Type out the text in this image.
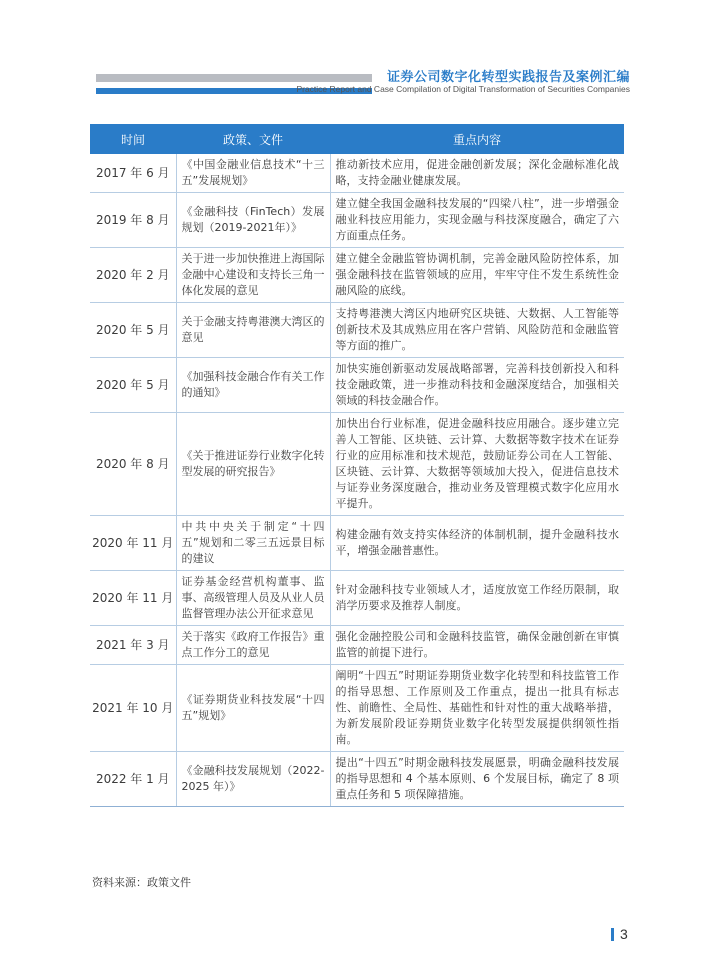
证券公司数字化转型实践报告及案例汇编
Practice Report and Case Compilation of Digital Transformation of Securities Companies
时间	政策、文件	重点内容
2017 年 6 月	《中国金融业信息技术“十三五”发展规划》	推动新技术应用，促进金融创新发展；深化金融标准化战略，支持金融业健康发展。
2019 年 8 月	《金融科技（FinTech）发展规划（2019-2021年）》	建立健全我国金融科技发展的“四梁八柱”，进一步增强金融业科技应用能力，实现金融与科技深度融合，确定了六方面重点任务。
2020 年 2 月	关于进一步加快推进上海国际金融中心建设和支持长三角一体化发展的意见	建立健全金融监管协调机制，完善金融风险防控体系，加强金融科技在监管领域的应用，牢牢守住不发生系统性金融风险的底线。
2020 年 5 月	关于金融支持粤港澳大湾区的意见	支持粤港澳大湾区内地研究区块链、大数据、人工智能等创新技术及其成熟应用在客户营销、风险防范和金融监管等方面的推广。
2020 年 5 月	《加强科技金融合作有关工作的通知》	加快实施创新驱动发展战略部署，完善科技创新投入和科技金融政策，进一步推动科技和金融深度结合，加强相关领域的科技金融合作。
2020 年 8 月	《关于推进证券行业数字化转型发展的研究报告》	加快出台行业标准，促进金融科技应用融合。逐步建立完善人工智能、区块链、云计算、大数据等数字技术在证券行业的应用标准和技术规范，鼓励证券公司在人工智能、区块链、云计算、大数据等领域加大投入，促进信息技术与证券业务深度融合，推动业务及管理模式数字化应用水平提升。
2020 年 11 月	中共中央关于制定“十四五”规划和二零三五远景目标的建议	构建金融有效支持实体经济的体制机制，提升金融科技水平，增强金融普惠性。
2020 年 11 月	证券基金经营机构董事、监事、高级管理人员及从业人员监督管理办法公开征求意见	针对金融科技专业领域人才，适度放宽工作经历限制，取消学历要求及推荐人制度。
2021 年 3 月	关于落实《政府工作报告》重点工作分工的意见	强化金融控股公司和金融科技监管，确保金融创新在审慎监管的前提下进行。
2021 年 10 月	《证券期货业科技发展“十四五”规划》	阐明“十四五”时期证券期货业数字化转型和科技监管工作的指导思想、工作原则及工作重点，提出一批具有标志性、前瞻性、全局性、基础性和针对性的重大战略举措，为新发展阶段证券期货业数字化转型发展提供纲领性指南。
2022 年 1 月	《金融科技发展规划（2022-2025 年）》	提出“十四五”时期金融科技发展愿景，明确金融科技发展的指导思想和 4 个基本原则、6 个发展目标，确定了 8 项重点任务和 5 项保障措施。
资料来源：政策文件
3
